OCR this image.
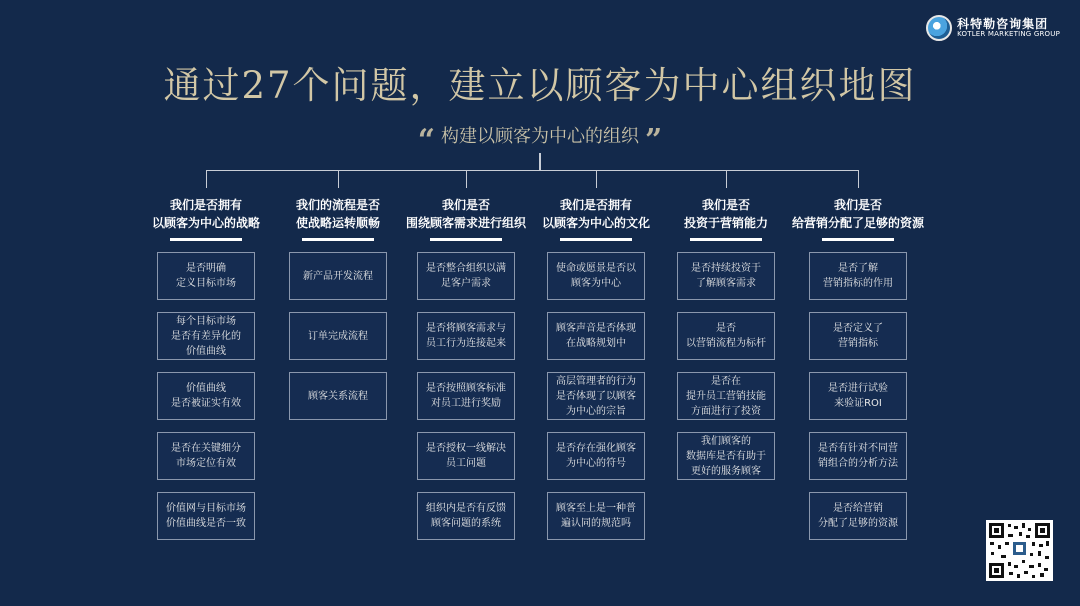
科特勒咨询集团
KOTLER MARKETING GROUP
通过27个问题，建立以顾客为中心组织地图
“ 构建以顾客为中心的组织 ”
我们是否拥有
以顾客为中心的战略
是否明确
定义目标市场
每个目标市场
是否有差异化的
价值曲线
价值曲线
是否被证实有效
是否在关键细分
市场定位有效
价值网与目标市场
价值曲线是否一致
我们的流程是否
使战略运转顺畅
新产品开发流程
订单完成流程
顾客关系流程
我们是否
围绕顾客需求进行组织
是否整合组织以满
足客户需求
是否将顾客需求与
员工行为连接起来
是否按照顾客标准
对员工进行奖励
是否授权一线解决
员工问题
组织内是否有反馈
顾客问题的系统
我们是否拥有
以顾客为中心的文化
使命或愿景是否以
顾客为中心
顾客声音是否体现
在战略规划中
高层管理者的行为
是否体现了以顾客
为中心的宗旨
是否存在强化顾客
为中心的符号
顾客至上是一种普
遍认同的规范吗
我们是否
投资于营销能力
是否持续投资于
了解顾客需求
是否
以营销流程为标杆
是否在
提升员工营销技能
方面进行了投资
我们顾客的
数据库是否有助于
更好的服务顾客
我们是否
给营销分配了足够的资源
是否了解
营销指标的作用
是否定义了
营销指标
是否进行试验
来验证ROI
是否有针对不同营
销组合的分析方法
是否给营销
分配了足够的资源
